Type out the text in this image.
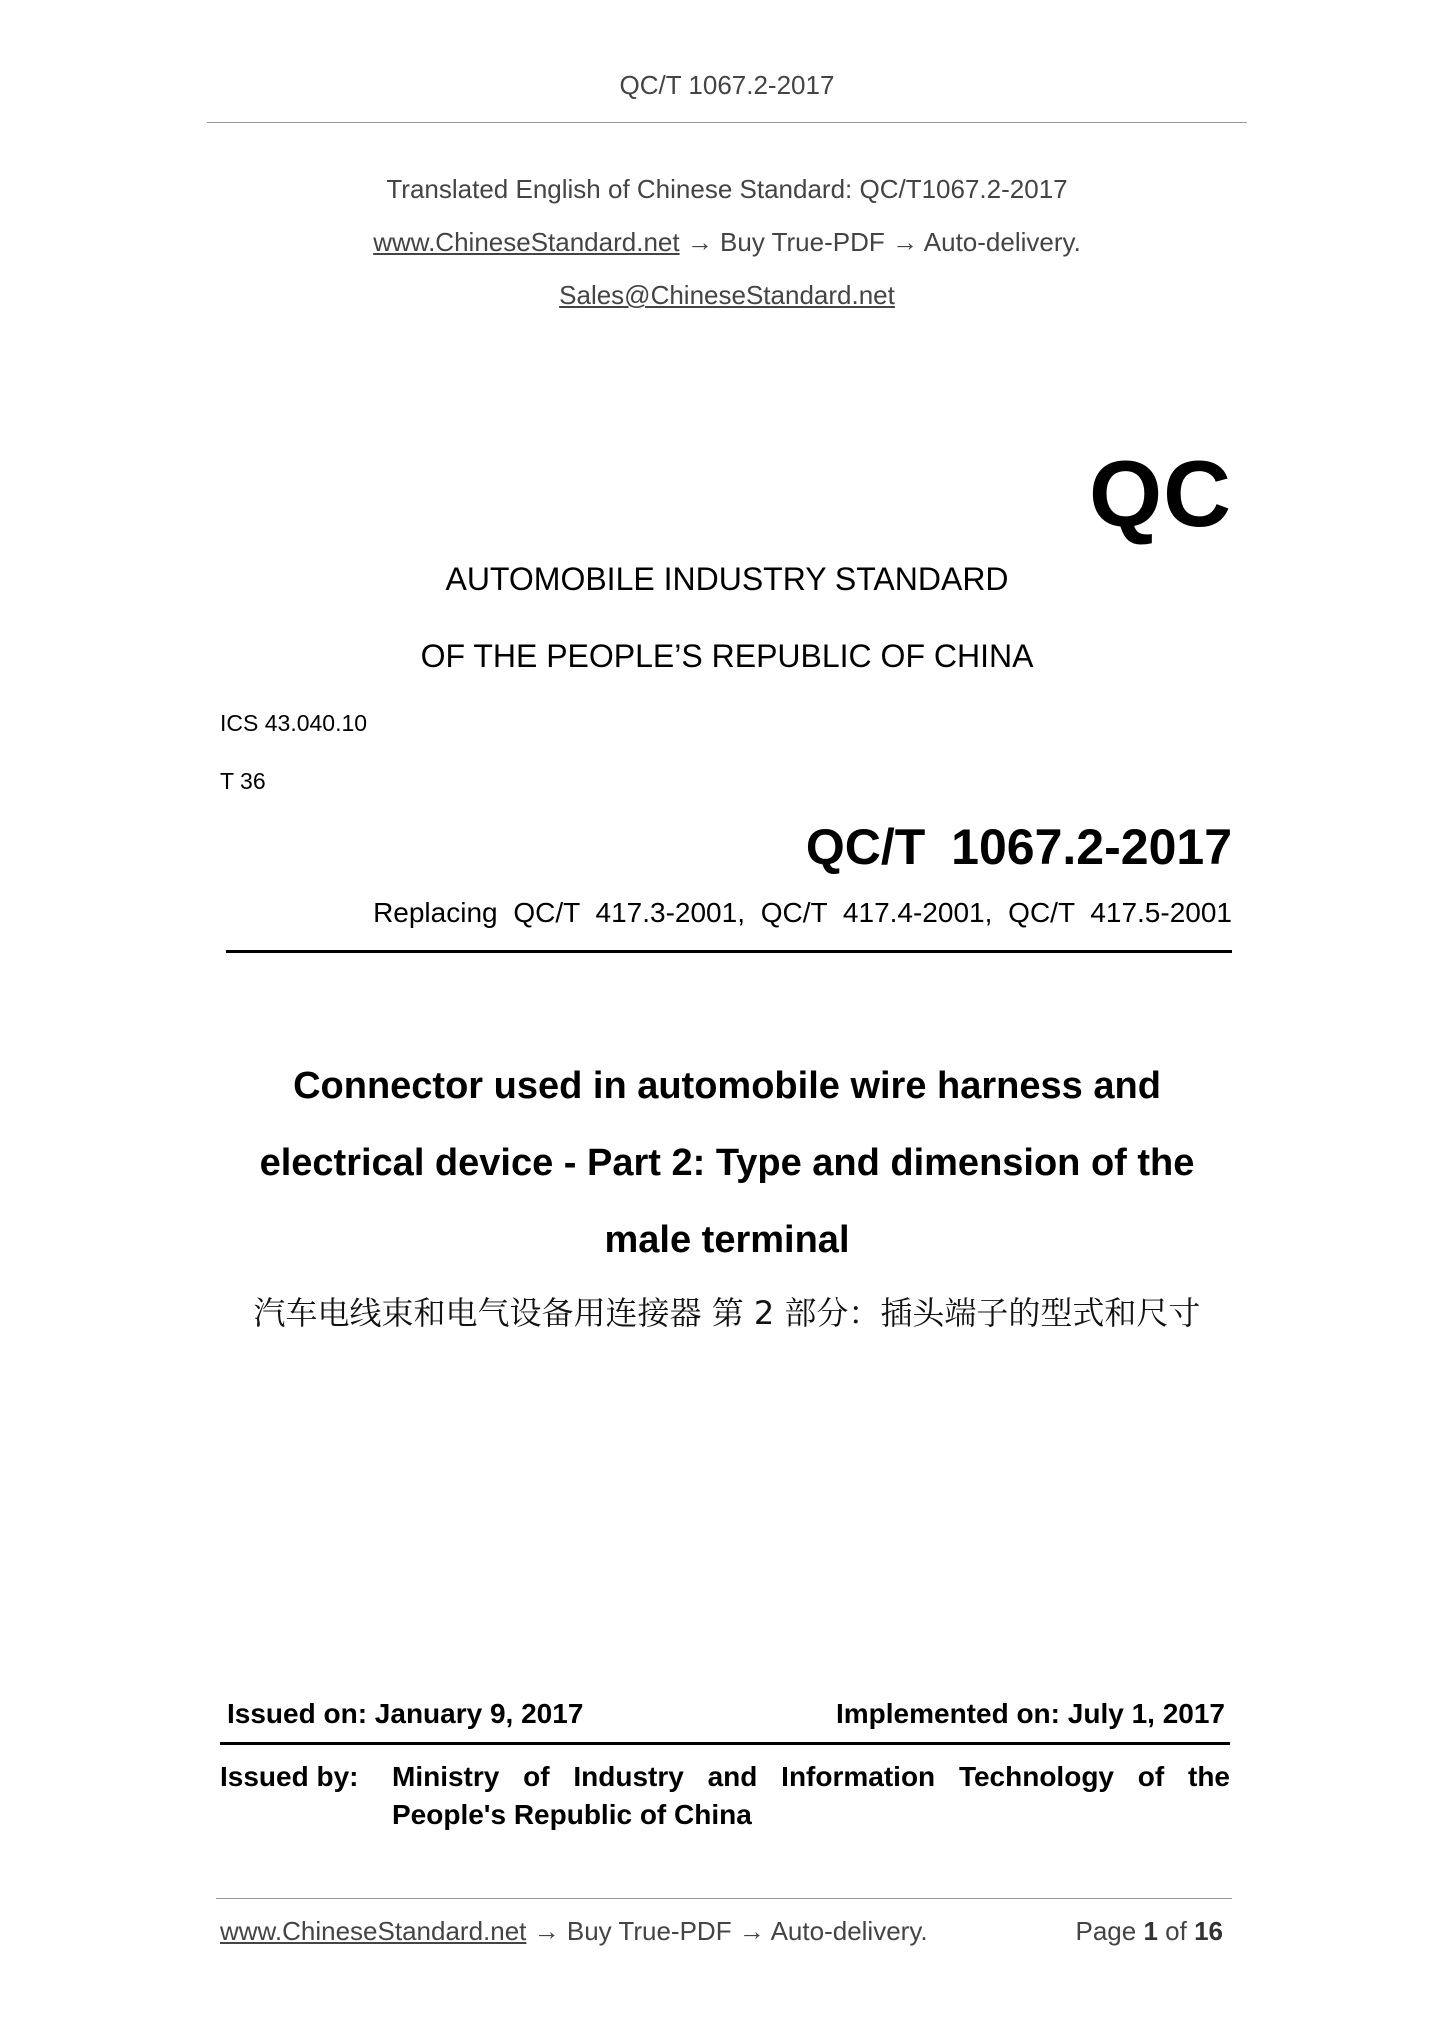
QC/T 1067.2-2017
Translated English of Chinese Standard: QC/T1067.2-2017
www.ChineseStandard.net → Buy True-PDF → Auto-delivery.
Sales@ChineseStandard.net
QC
AUTOMOBILE INDUSTRY STANDARD
OF THE PEOPLE’S REPUBLIC OF CHINA
ICS 43.040.10
T 36
QC/T 1067.2-2017
Replacing QC/T 417.3-2001, QC/T 417.4-2001, QC/T 417.5-2001
Connector used in automobile wire harness and
electrical device - Part 2: Type and dimension of the
male terminal
汽车电线束和电气设备用连接器 第 2 部分：插头端子的型式和尺寸
Issued on: January 9, 2017	Implemented on: July 1, 2017
Issued by: Ministry of Industry and Information Technology of the People's Republic of China
www.ChineseStandard.net → Buy True-PDF → Auto-delivery.	Page 1 of 16
